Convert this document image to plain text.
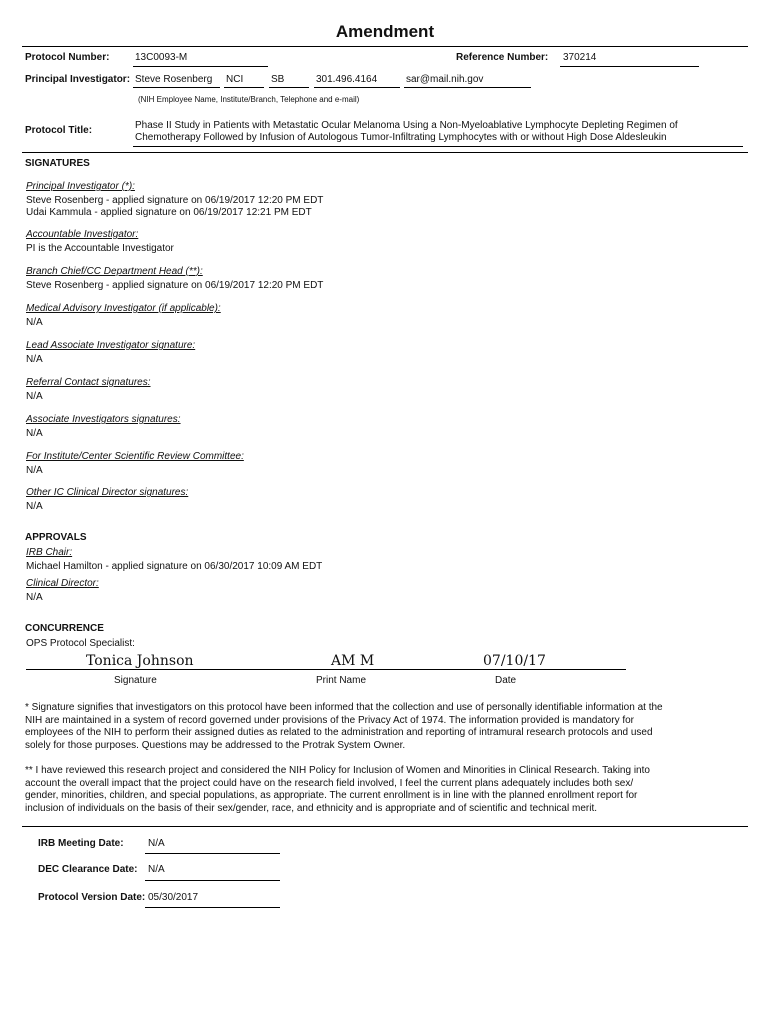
Amendment
Protocol Number:	13C0093-M	Reference Number: 370214
Principal Investigator: Steve Rosenberg NCI	SB	301.496.4164	sar@mail.nih.gov
(NIH Employee Name, Institute/Branch, Telephone and e-mail)
Protocol Title:	Phase II Study in Patients with Metastatic Ocular Melanoma Using a Non-Myeloablative Lymphocyte Depleting Regimen of
Chemotherapy Followed by Infusion of Autologous Tumor-Infiltrating Lymphocytes with or without High Dose Aldesleukin
SIGNATURES
Principal Investigator (*):
Steve Rosenberg - applied signature on 06/19/2017 12:20 PM EDT
Udai Kammula - applied signature on 06/19/2017 12:21 PM EDT
Accountable Investigator:
PI is the Accountable Investigator
Branch Chief/CC Department Head (**):
Steve Rosenberg - applied signature on 06/19/2017 12:20 PM EDT
Medical Advisory Investigator (if applicable):
N/A
Lead Associate Investigator signature:
N/A
Referral Contact signatures:
N/A
Associate Investigators signatures:
N/A
For Institute/Center Scientific Review Committee:
N/A
Other IC Clinical Director signatures:
N/A
APPROVALS
IRB Chair:
Michael Hamilton - applied signature on 06/30/2017 10:09 AM EDT
Clinical Director:
N/A
CONCURRENCE
OPS Protocol Specialist:
Tonica Johnson	AM M	07/10/17
Signature	Print Name	Date
* Signature signifies that investigators on this protocol have been informed that the collection and use of personally identifiable information at the NIH are maintained in a system of record governed under provisions of the Privacy Act of 1974. The information provided is mandatory for employees of the NIH to perform their assigned duties as related to the administration and reporting of intramural research protocols and used solely for those purposes. Questions may be addressed to the Protrak System Owner.
** I have reviewed this research project and considered the NIH Policy for Inclusion of Women and Minorities in Clinical Research. Taking into account the overall impact that the project could have on the research field involved, I feel the current plans adequately includes both sex/ gender, minorities, children, and special populations, as appropriate. The current enrollment is in line with the planned enrollment report for inclusion of individuals on the basis of their sex/gender, race, and ethnicity and is appropriate and of scientific and technical merit.
IRB Meeting Date: N/A
DEC Clearance Date: N/A
Protocol Version Date: 05/30/2017
